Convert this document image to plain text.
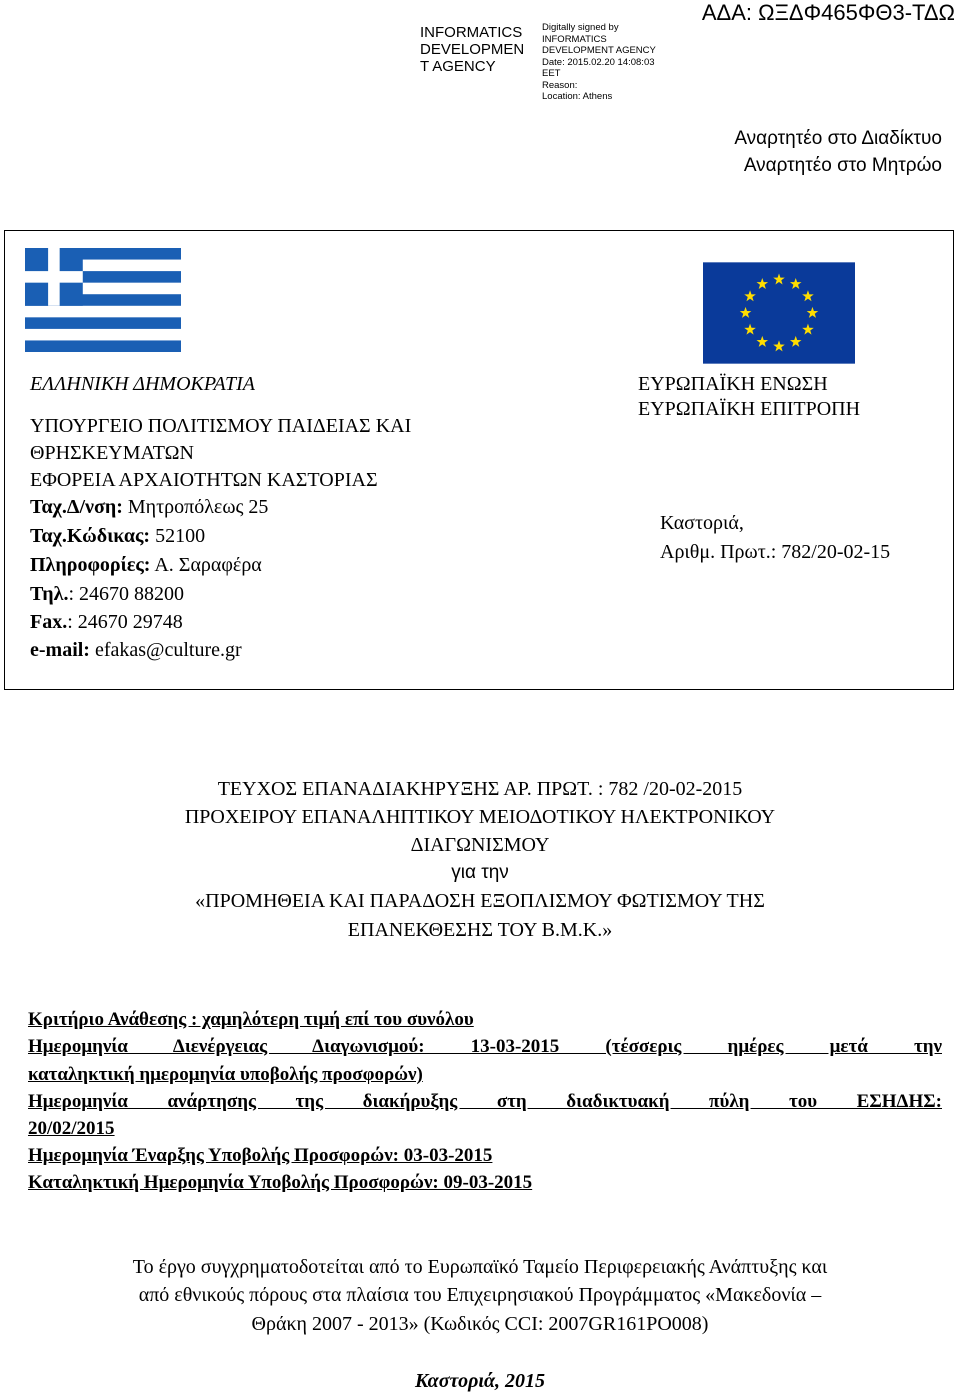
INFORMATICS DEVELOPMEN T AGENCY
Digitally signed by
INFORMATICS
DEVELOPMENT AGENCY
Date: 2015.02.20 14:08:03
EET
Reason:
Location: Athens
ΑΔΑ: ΩΞΔΦ465ΦΘ3-ΤΔΩ
Αναρτητέο στο Διαδίκτυο
Αναρτητέο στο Μητρώο
ΕΛΛΗΝΙΚΗ ΔΗΜΟΚΡΑΤΙΑ
ΥΠΟΥΡΓΕΙΟ ΠΟΛΙΤΙΣΜΟΥ ΠΑΙΔΕΙΑΣ ΚΑΙ
ΘΡΗΣΚΕΥΜΑΤΩΝ
ΕΦΟΡΕΙΑ ΑΡΧΑΙΟΤΗΤΩΝ ΚΑΣΤΟΡΙΑΣ
Ταχ.Δ/νση: Μητροπόλεως 25
Ταχ.Κώδικας: 52100
Πληροφορίες: Α. Σαραφέρα
Τηλ.: 24670 88200
Fax.: 24670 29748
e-mail: efakas@culture.gr
ΕΥΡΩΠΑΪΚΗ ΕΝΩΣΗ
ΕΥΡΩΠΑΪΚΗ ΕΠΙΤΡΟΠΗ
Καστοριά,
Αριθμ. Πρωτ.: 782/20-02-15
ΤΕΥΧΟΣ ΕΠΑΝΑΔΙΑΚΗΡΥΞΗΣ ΑΡ. ΠΡΩΤ. : 782 /20-02-2015
ΠΡΟΧΕΙΡΟΥ ΕΠΑΝΑΛΗΠΤΙΚΟΥ ΜΕΙΟΔΟΤΙΚΟΥ ΗΛΕΚΤΡΟΝΙΚΟΥ
ΔΙΑΓΩΝΙΣΜΟΥ
για την
«ΠΡΟΜΗΘΕΙΑ ΚΑΙ ΠΑΡΑΔΟΣΗ ΕΞΟΠΛΙΣΜΟΥ ΦΩΤΙΣΜΟΥ ΤΗΣ
ΕΠΑΝΕΚΘΕΣΗΣ ΤΟΥ Β.Μ.Κ.»
Κριτήριο Ανάθεσης : χαμηλότερη τιμή επί του συνόλου
Ημερομηνία Διενέργειας Διαγωνισμού: 13-03-2015 (τέσσερις ημέρες μετά την
καταληκτική ημερομηνία υποβολής προσφορών)
Ημερομηνία ανάρτησης της διακήρυξης στη διαδικτυακή πύλη του ΕΣΗΔΗΣ:
20/02/2015
Ημερομηνία Έναρξης Υποβολής Προσφορών: 03-03-2015
Καταληκτική Ημερομηνία Υποβολής Προσφορών: 09-03-2015
Το έργο συγχρηματοδοτείται από το Ευρωπαϊκό Ταμείο Περιφερειακής Ανάπτυξης και
από εθνικούς πόρους στα πλαίσια του Επιχειρησιακού Προγράμματος «Μακεδονία –
Θράκη 2007 - 2013» (Κωδικός CCI: 2007GR161PO008)
Καστοριά, 2015
